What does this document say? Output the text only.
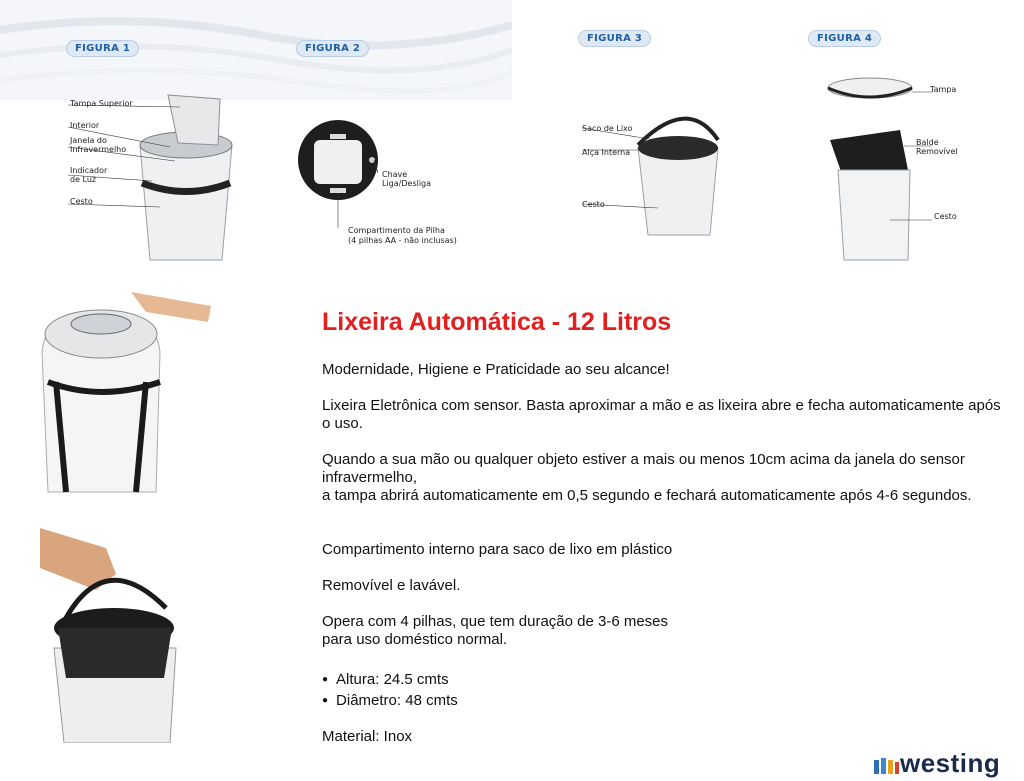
FIGURA 1
Tampa Superior
Interior
Janela do Infravermelho
Indicador de Luz
Cesto
FIGURA 2
Chave Liga/Desliga
Compartimento da Pilha
(4 pilhas AA - não inclusas)
FIGURA 3
Saco de Lixo
Alça Interna
Cesto
FIGURA 4
Tampa
Balde Removível
Cesto
Lixeira Automática - 12 Litros

Modernidade, Higiene e Praticidade ao seu alcance!

Lixeira Eletrônica com sensor. Basta aproximar a mão e as lixeira abre e fecha automaticamente após o uso.

Quando a sua mão ou qualquer objeto estiver a mais ou menos 10cm acima da janela do sensor infravermelho,

a tampa abrirá automaticamente em 0,5 segundo e fechará automaticamente após 4-6 segundos.

Compartimento interno para saco de lixo em plástico

Removível e lavável.

Opera com 4 pilhas, que tem duração de 3-6 meses

para uso doméstico normal.

● Altura: 24.5 cmts
● Diâmetro: 48 cmts

Material: Inox

westing
